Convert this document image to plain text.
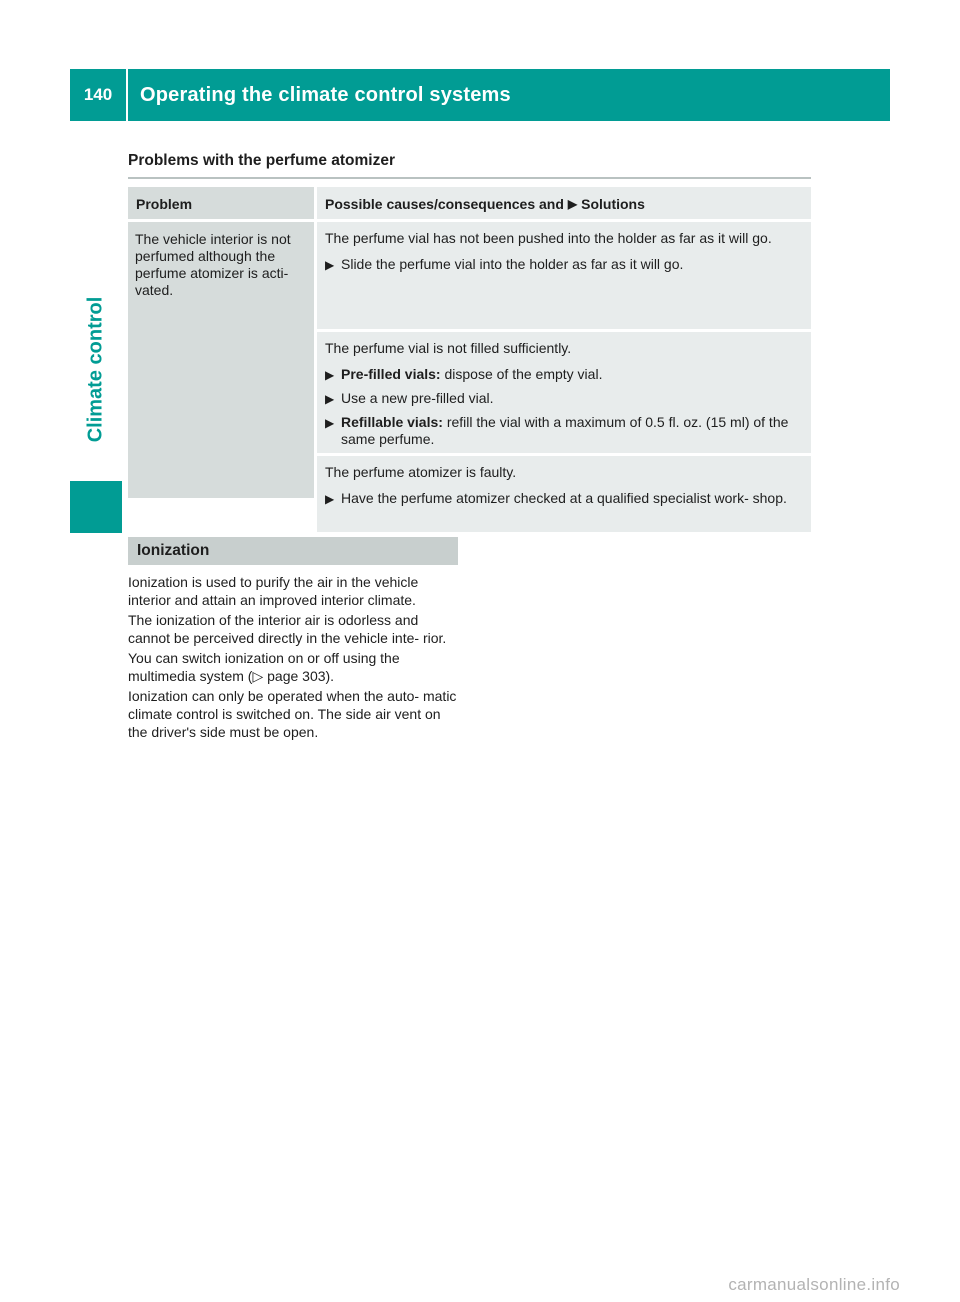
140	Operating the climate control systems
Climate control
Problems with the perfume atomizer
Problem	Possible causes/consequences and ▶ Solutions
The vehicle interior is not perfumed although the perfume atomizer is acti- vated.
The perfume vial has not been pushed into the holder as far as it will go.
▶ Slide the perfume vial into the holder as far as it will go.
The perfume vial is not filled sufficiently.
▶ Pre-filled vials: dispose of the empty vial.
▶ Use a new pre-filled vial.
▶ Refillable vials: refill the vial with a maximum of 0.5 fl. oz. (15 ml) of the same perfume.
The perfume atomizer is faulty.
▶ Have the perfume atomizer checked at a qualified specialist work- shop.
Ionization

Ionization is used to purify the air in the vehicle interior and attain an improved interior climate.

The ionization of the interior air is odorless and cannot be perceived directly in the vehicle inte- rior.

You can switch ionization on or off using the multimedia system (▷ page 303).

Ionization can only be operated when the auto- matic climate control is switched on. The side air vent on the driver's side must be open.

carmanualsonline.info
